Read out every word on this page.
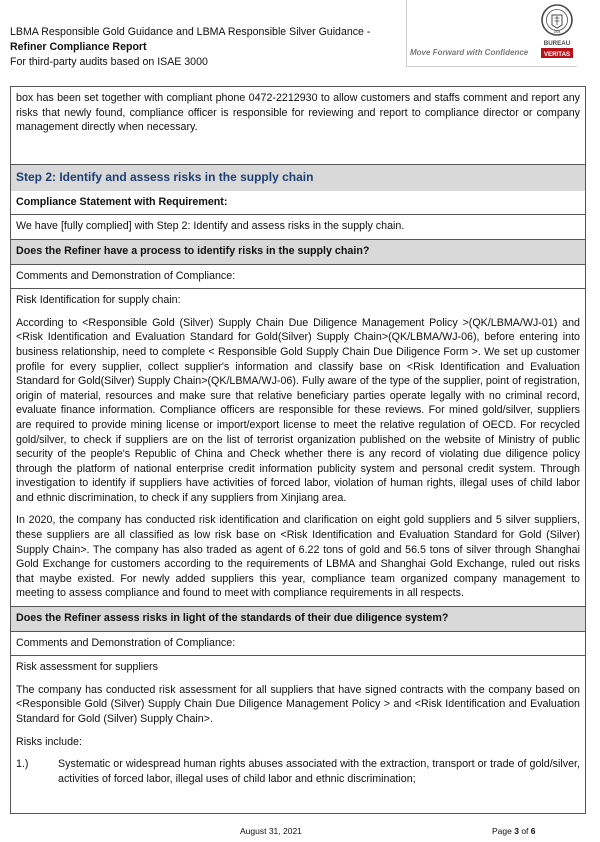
LBMA Responsible Gold Guidance and LBMA Responsible Silver Guidance -
Refiner Compliance Report
For third-party audits based on ISAE 3000
Move Forward with Confidence
1828
BUREAU
VERITAS

box has been set together with compliant phone 0472-2212930 to allow customers and staffs comment and report any risks that newly found, compliance officer is responsible for reviewing and report to compliance director or company management directly when necessary.

Step 2: Identify and assess risks in the supply chain
Compliance Statement with Requirement:
We have [fully complied] with Step 2: Identify and assess risks in the supply chain.
Does the Refiner have a process to identify risks in the supply chain?
Comments and Demonstration of Compliance:

Risk Identification for supply chain:

According to <Responsible Gold (Silver) Supply Chain Due Diligence Management Policy >(QK/LBMA/WJ-01) and <Risk Identification and Evaluation Standard for Gold(Silver) Supply Chain>(QK/LBMA/WJ-06), before entering into business relationship, need to complete < Responsible Gold Supply Chain Due Diligence Form >. We set up customer profile for every supplier, collect supplier's information and classify base on <Risk Identification and Evaluation Standard for Gold(Silver) Supply Chain>(QK/LBMA/WJ-06). Fully aware of the type of the supplier, point of registration, origin of material, resources and make sure that relative beneficiary parties operate legally with no criminal record, evaluate finance information. Compliance officers are responsible for these reviews. For mined gold/silver, suppliers are required to provide mining license or import/export license to meet the relative regulation of OECD. For recycled gold/silver, to check if suppliers are on the list of terrorist organization published on the website of Ministry of public security of the people's Republic of China and Check whether there is any record of violating due diligence policy through the platform of national enterprise credit information publicity system and personal credit system. Through investigation to identify if suppliers have activities of forced labor, violation of human rights, illegal uses of child labor and ethnic discrimination, to check if any suppliers from Xinjiang area.

In 2020, the company has conducted risk identification and clarification on eight gold suppliers and 5 silver suppliers, these suppliers are all classified as low risk base on <Risk Identification and Evaluation Standard for Gold (Silver) Supply Chain>. The company has also traded as agent of 6.22 tons of gold and 56.5 tons of silver through Shanghai Gold Exchange for customers according to the requirements of LBMA and Shanghai Gold Exchange, ruled out risks that maybe existed. For newly added suppliers this year, compliance team organized company management to meeting to assess compliance and found to meet with compliance requirements in all respects.

Does the Refiner assess risks in light of the standards of their due diligence system?
Comments and Demonstration of Compliance:

Risk assessment for suppliers

The company has conducted risk assessment for all suppliers that have signed contracts with the company based on <Responsible Gold (Silver) Supply Chain Due Diligence Management Policy > and <Risk Identification and Evaluation Standard for Gold (Silver) Supply Chain>.

Risks include:

1.)	Systematic or widespread human rights abuses associated with the extraction, transport or trade of gold/silver, activities of forced labor, illegal uses of child labor and ethnic discrimination;
August 31, 2021	Page 3 of 6
